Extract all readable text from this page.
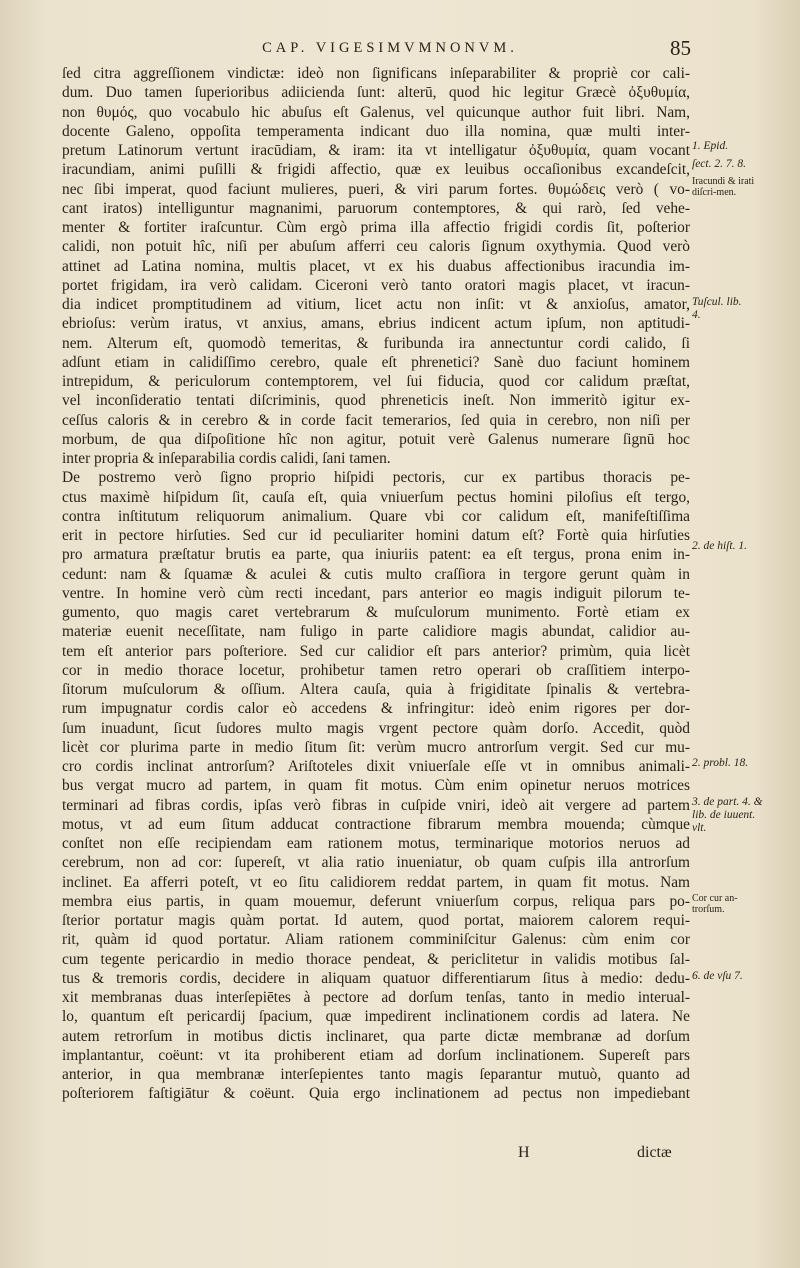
CAP. VIGESIMVMNONVM.	85
ſed citra aggreſſionem vindictæ: ideò non ſignificans inſeparabiliter & propriè cor cali-
dum. Duo tamen ſuperioribus adiicienda ſunt: alterū, quod hic legitur Græcè ὀξυθυμία,
non θυμός, quo vocabulo hic abuſus eſt Galenus, vel quicunque author fuit libri. Nam,
docente Galeno, oppoſita temperamenta indicant duo illa nomina, quæ multi inter-
pretum Latinorum vertunt iracūdiam, & iram: ita vt intelligatur ὀξυθυμία, quam vocant
iracundiam, animi puſilli & frigidi affectio, quæ ex leuibus occaſionibus excandeſcit,
nec ſibi imperat, quod faciunt mulieres, pueri, & viri parum fortes. θυμώδεις verò ( vo-
cant iratos) intelliguntur magnanimi, paruorum contemptores, & qui rarò, ſed vehe-
menter & fortiter iraſcuntur. Cùm ergò prima illa affectio frigidi cordis ſit, poſterior
calidi, non potuit hîc, niſi per abuſum afferri ceu caloris ſignum oxythymia. Quod verò
attinet ad Latina nomina, multis placet, vt ex his duabus affectionibus iracundia im-
portet frigidam, ira verò calidam. Ciceroni verò tanto oratori magis placet, vt iracun-
dia indicet promptitudinem ad vitium, licet actu non inſit: vt & anxioſus, amator,
ebrioſus: verùm iratus, vt anxius, amans, ebrius indicent actum ipſum, non aptitudi-
nem. Alterum eſt, quomodò temeritas, & furibunda ira annectuntur cordi calido, ſi
adſunt etiam in calidiſſimo cerebro, quale eſt phrenetici? Sanè duo faciunt hominem
intrepidum, & periculorum contemptorem, vel ſui fiducia, quod cor calidum præſtat,
vel inconſideratio tentati diſcriminis, quod phreneticis ineſt. Non immeritò igitur ex-
ceſſus caloris & in cerebro & in corde facit temerarios, ſed quia in cerebro, non niſi per
morbum, de qua diſpoſitione hîc non agitur, potuit verè Galenus numerare ſignū hoc
inter propria & inſeparabilia cordis calidi, ſani tamen.
De postremo verò ſigno proprio hiſpidi pectoris, cur ex partibus thoracis pe-
ctus maximè hiſpidum ſit, cauſa eſt, quia vniuerſum pectus homini piloſius eſt tergo,
contra inſtitutum reliquorum animalium. Quare vbi cor calidum eſt, manifeſtiſſima
erit in pectore hirſuties. Sed cur id peculiariter homini datum eſt? Fortè quia hirſuties
pro armatura præſtatur brutis ea parte, qua iniuriis patent: ea eſt tergus, prona enim in-
cedunt: nam & ſquamæ & aculei & cutis multo craſſiora in tergore gerunt quàm in
ventre. In homine verò cùm recti incedant, pars anterior eo magis indiguit pilorum te-
gumento, quo magis caret vertebrarum & muſculorum munimento. Fortè etiam ex
materiæ euenit neceſſitate, nam fuligo in parte calidiore magis abundat, calidior au-
tem eſt anterior pars poſteriore. Sed cur calidior eſt pars anterior? primùm, quia licèt
cor in medio thorace locetur, prohibetur tamen retro operari ob craſſitiem interpo-
ſitorum muſculorum & oſſium. Altera cauſa, quia à frigiditate ſpinalis & vertebra-
rum impugnatur cordis calor eò accedens & infringitur: ideò enim rigores per dor-
ſum inuadunt, ſicut ſudores multo magis vrgent pectore quàm dorſo. Accedit, quòd
licèt cor plurima parte in medio ſitum ſit: verùm mucro antrorſum vergit. Sed cur mu-
cro cordis inclinat antrorſum? Ariſtoteles dixit vniuerſale eſſe vt in omnibus animali-
bus vergat mucro ad partem, in quam fit motus. Cùm enim opinetur neruos motrices
terminari ad fibras cordis, ipſas verò fibras in cuſpide vniri, ideò ait vergere ad partem
motus, vt ad eum ſitum adducat contractione fibrarum membra mouenda; cùmque
conſtet non eſſe recipiendam eam rationem motus, terminarique motorios neruos ad
cerebrum, non ad cor: ſupereſt, vt alia ratio inueniatur, ob quam cuſpis illa antrorſum
inclinet. Ea afferri poteſt, vt eo ſitu calidiorem reddat partem, in quam fit motus. Nam
membra eius partis, in quam mouemur, deferunt vniuerſum corpus, reliqua pars po-
ſterior portatur magis quàm portat. Id autem, quod portat, maiorem calorem requi-
rit, quàm id quod portatur. Aliam rationem comminiſcitur Galenus: cùm enim cor
cum tegente pericardio in medio thorace pendeat, & periclitetur in validis motibus ſal-
tus & tremoris cordis, decidere in aliquam quatuor differentiarum ſitus à medio: dedu-
xit membranas duas interſepiētes à pectore ad dorſum tenſas, tanto in medio interual-
lo, quantum eſt pericardij ſpacium, quæ impedirent inclinationem cordis ad latera. Ne
autem retrorſum in motibus dictis inclinaret, qua parte dictæ membranæ ad dorſum
implantantur, coëunt: vt ita prohiberent etiam ad dorſum inclinationem. Supereſt pars
anterior, in qua membranæ interſepientes tanto magis ſeparantur mutuò, quanto ad
poſteriorem faſtigiātur & coëunt. Quia ergo inclinationem ad pectus non impediebant
1. Epid.
ſect. 2. 7. 8.
Iracundi & irati diſcri-men.
Tuſcul. lib. 4.
2. de hiſt. 1.
2. probl. 18.
3. de part. 4. & lib. de iuuent. vlt.
Cor cur an-trorſum.
6. de vſu 7.
H	dictæ
